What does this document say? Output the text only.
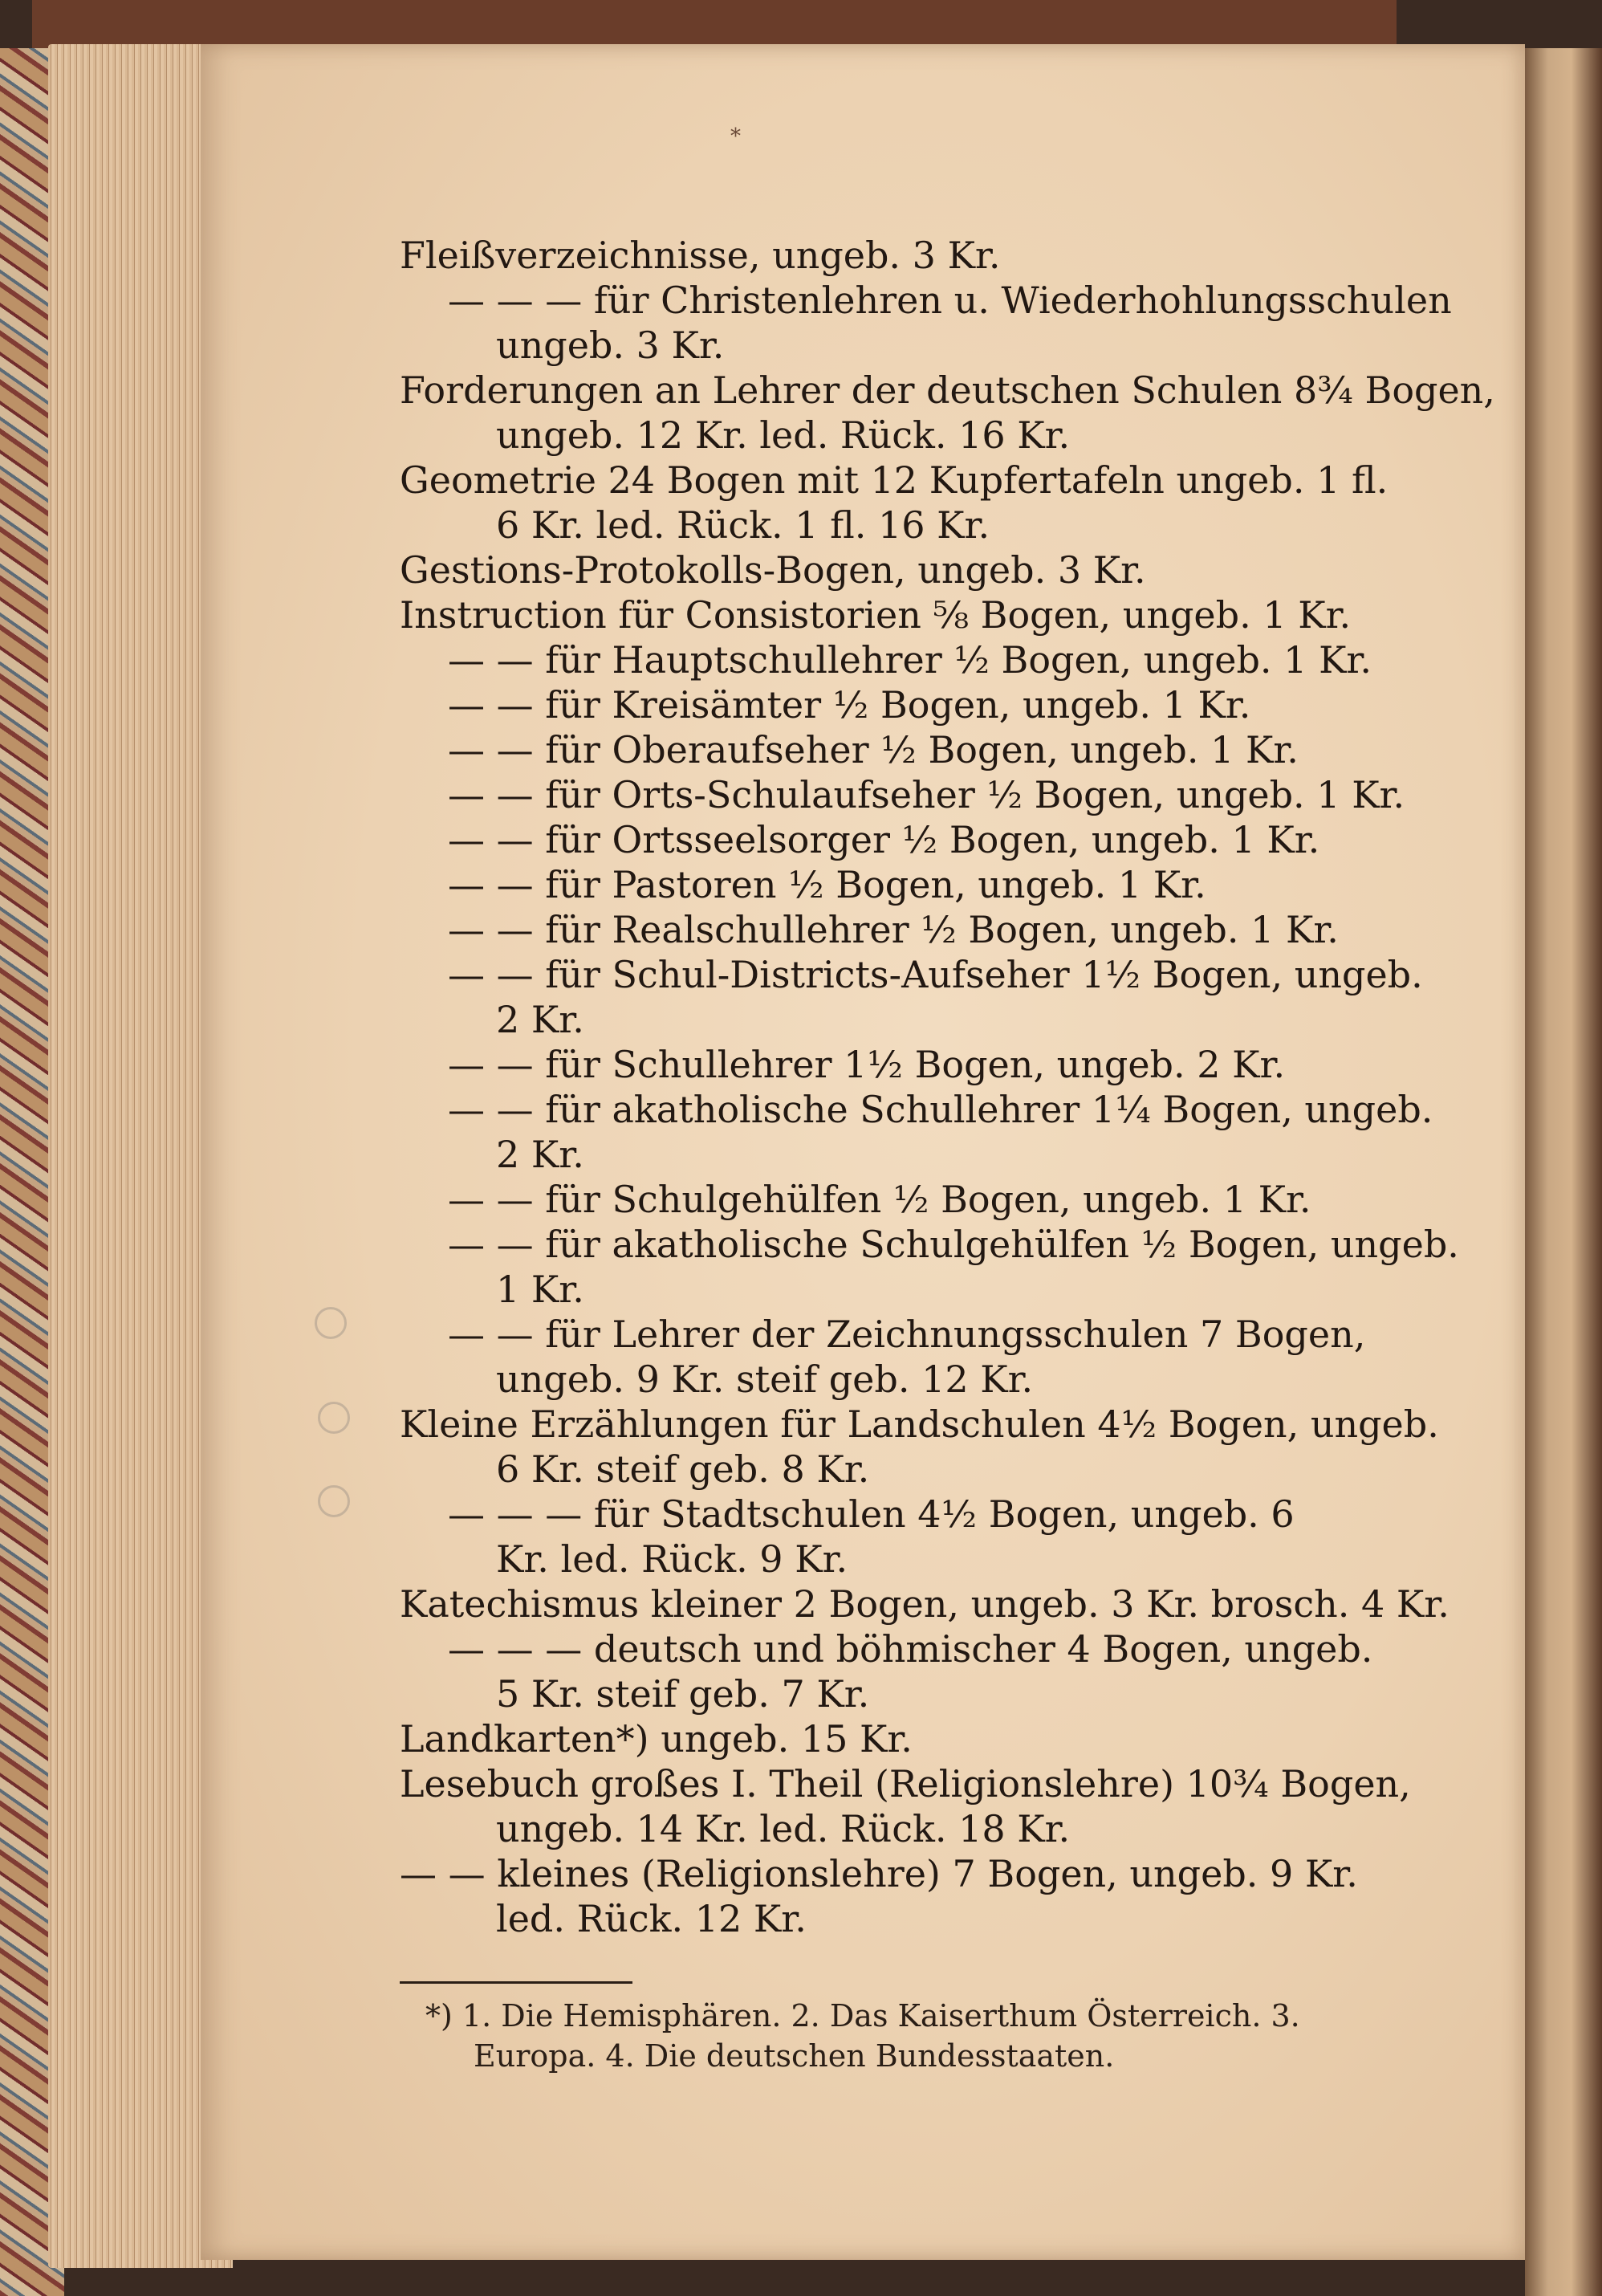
*
Fleißverzeichnisse, ungeb. 3 Kr.
— — — für Christenlehren u. Wiederhohlungsschulen
ungeb. 3 Kr.
Forderungen an Lehrer der deutschen Schulen 8¾ Bogen,
ungeb. 12 Kr. led. Rück. 16 Kr.
Geometrie 24 Bogen mit 12 Kupfertafeln ungeb. 1 fl.
6 Kr. led. Rück. 1 fl. 16 Kr.
Gestions-Protokolls-Bogen, ungeb. 3 Kr.
Instruction für Consistorien ⅝ Bogen, ungeb. 1 Kr.
— — für Hauptschullehrer ½ Bogen, ungeb. 1 Kr.
— — für Kreisämter ½ Bogen, ungeb. 1 Kr.
— — für Oberaufseher ½ Bogen, ungeb. 1 Kr.
— — für Orts-Schulaufseher ½ Bogen, ungeb. 1 Kr.
— — für Ortsseelsorger ½ Bogen, ungeb. 1 Kr.
— — für Pastoren ½ Bogen, ungeb. 1 Kr.
— — für Realschullehrer ½ Bogen, ungeb. 1 Kr.
— — für Schul-Districts-Aufseher 1½ Bogen, ungeb.
2 Kr.
— — für Schullehrer 1½ Bogen, ungeb. 2 Kr.
— — für akatholische Schullehrer 1¼ Bogen, ungeb.
2 Kr.
— — für Schulgehülfen ½ Bogen, ungeb. 1 Kr.
— — für akatholische Schulgehülfen ½ Bogen, ungeb.
1 Kr.
— — für Lehrer der Zeichnungsschulen 7 Bogen,
ungeb. 9 Kr. steif geb. 12 Kr.
Kleine Erzählungen für Landschulen 4½ Bogen, ungeb.
6 Kr. steif geb. 8 Kr.
— — — für Stadtschulen 4½ Bogen, ungeb. 6
Kr. led. Rück. 9 Kr.
Katechismus kleiner 2 Bogen, ungeb. 3 Kr. brosch. 4 Kr.
— — — deutsch und böhmischer 4 Bogen, ungeb.
5 Kr. steif geb. 7 Kr.
Landkarten*) ungeb. 15 Kr.
Lesebuch großes I. Theil (Religionslehre) 10¾ Bogen,
ungeb. 14 Kr. led. Rück. 18 Kr.
— — kleines (Religionslehre) 7 Bogen, ungeb. 9 Kr.
led. Rück. 12 Kr.
*) 1. Die Hemisphären. 2. Das Kaiserthum Österreich. 3.
Europa. 4. Die deutschen Bundesstaaten.
